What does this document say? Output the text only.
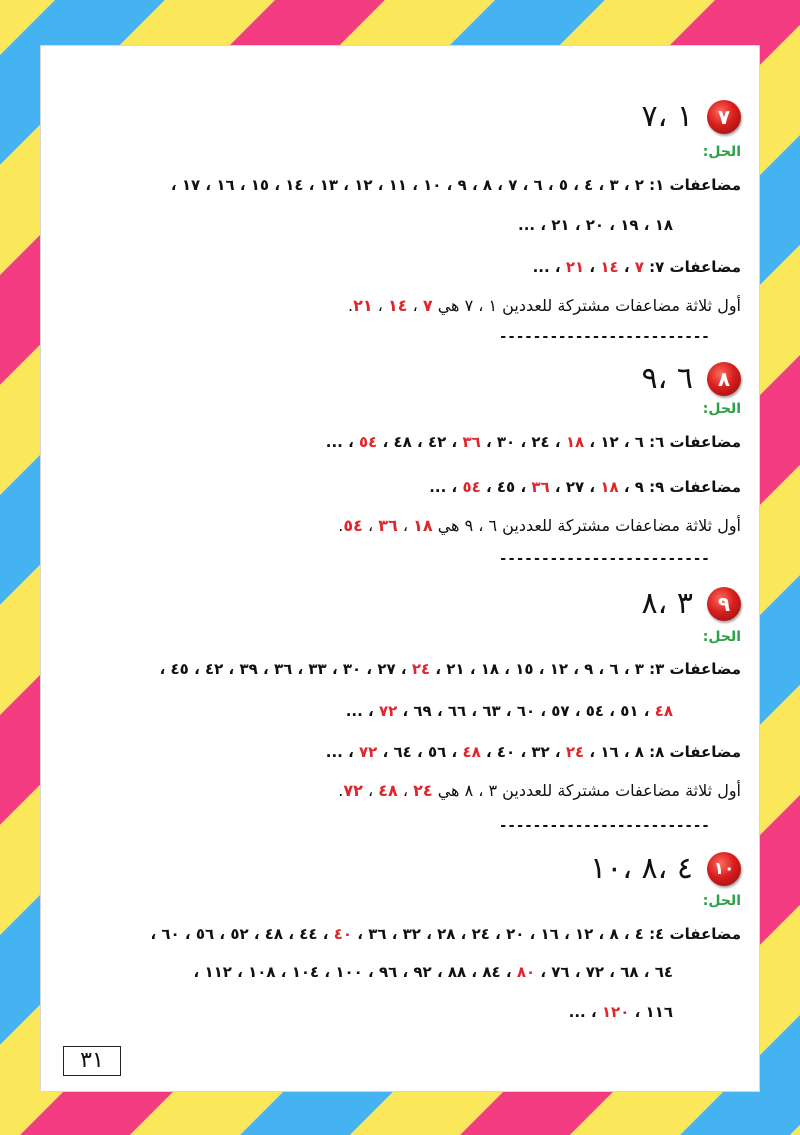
٧
١ ،٧
الحل:
مضاعفات ١: ٢ ، ٣ ، ٤ ، ٥ ، ٦ ، ٧ ، ٨ ، ٩ ، ١٠ ، ١١ ، ١٢ ، ١٣ ، ١٤ ، ١٥ ، ١٦ ، ١٧ ،
١٨ ، ١٩ ، ٢٠ ، ٢١ ، ...
مضاعفات ٧: ٧ ، ١٤ ، ٢١ ، ...
أول ثلاثة مضاعفات مشتركة للعددين ١ ، ٧ هي ٧ ، ١٤ ، ٢١.
-------------------------
٨
٦ ،٩
الحل:
مضاعفات ٦: ٦ ، ١٢ ، ١٨ ، ٢٤ ، ٣٠ ، ٣٦ ، ٤٢ ، ٤٨ ، ٥٤ ، ...
مضاعفات ٩: ٩ ، ١٨ ، ٢٧ ، ٣٦ ، ٤٥ ، ٥٤ ، ...
أول ثلاثة مضاعفات مشتركة للعددين ٦ ، ٩ هي ١٨ ، ٣٦ ، ٥٤.
-------------------------
٩
٣ ،٨
الحل:
مضاعفات ٣: ٣ ، ٦ ، ٩ ، ١٢ ، ١٥ ، ١٨ ، ٢١ ، ٢٤ ، ٢٧ ، ٣٠ ، ٣٣ ، ٣٦ ، ٣٩ ، ٤٢ ، ٤٥ ،
٤٨ ، ٥١ ، ٥٤ ، ٥٧ ، ٦٠ ، ٦٣ ، ٦٦ ، ٦٩ ، ٧٢ ، ...
مضاعفات ٨: ٨ ، ١٦ ، ٢٤ ، ٣٢ ، ٤٠ ، ٤٨ ، ٥٦ ، ٦٤ ، ٧٢ ، ...
أول ثلاثة مضاعفات مشتركة للعددين ٣ ، ٨ هي ٢٤ ، ٤٨ ، ٧٢.
-------------------------
١٠
٤ ،٨ ،١٠
الحل:
مضاعفات ٤: ٤ ، ٨ ، ١٢ ، ١٦ ، ٢٠ ، ٢٤ ، ٢٨ ، ٣٢ ، ٣٦ ، ٤٠ ، ٤٤ ، ٤٨ ، ٥٢ ، ٥٦ ، ٦٠ ،
٦٤ ، ٦٨ ، ٧٢ ، ٧٦ ، ٨٠ ، ٨٤ ، ٨٨ ، ٩٢ ، ٩٦ ، ١٠٠ ، ١٠٤ ، ١٠٨ ، ١١٢ ،
١١٦ ، ١٢٠ ، ...
٣١
